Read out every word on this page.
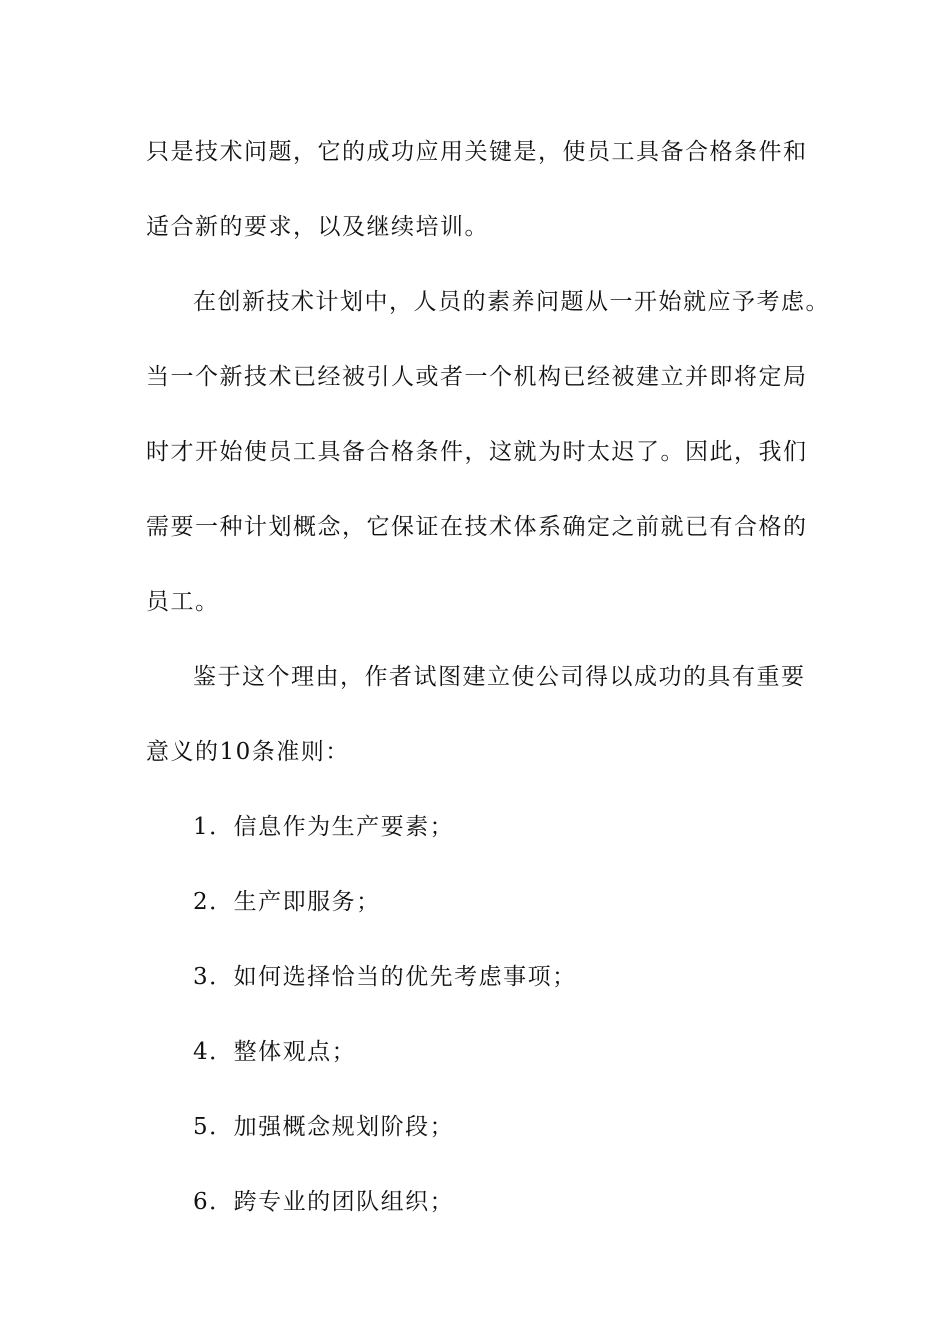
只是技术问题，它的成功应用关键是，使员工具备合格条件和
适合新的要求，以及继续培训。
在创新技术计划中，人员的素养问题从一开始就应予考虑。
当一个新技术已经被引人或者一个机构已经被建立并即将定局
时才开始使员工具备合格条件，这就为时太迟了。因此，我们
需要一种计划概念，它保证在技术体系确定之前就已有合格的
员工。
鉴于这个理由，作者试图建立使公司得以成功的具有重要
意义的10条准则：
1．信息作为生产要素；
2．生产即服务；
3．如何选择恰当的优先考虑事项；
4．整体观点；
5．加强概念规划阶段；
6．跨专业的团队组织；
